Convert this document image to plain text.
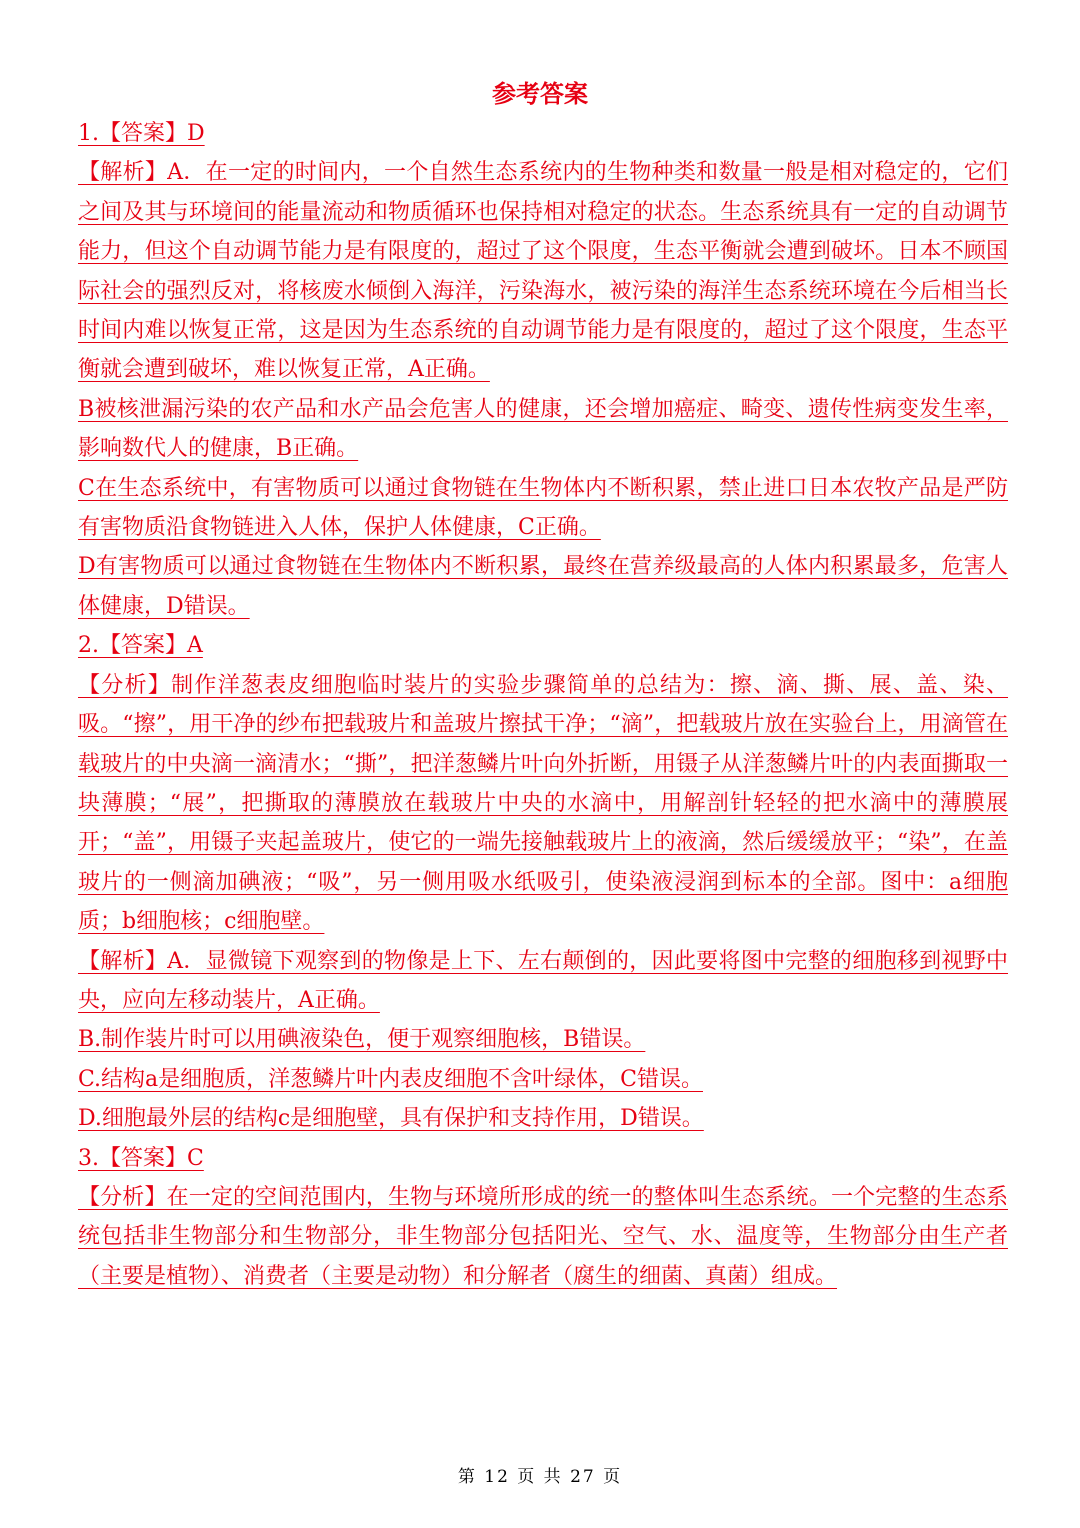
参考答案

1.【答案】D

【解析】A．在一定的时间内，一个自然生态系统内的生物种类和数量一般是相对稳定的，它们之间及其与环境间的能量流动和物质循环也保持相对稳定的状态。生态系统具有一定的自动调节能力，但这个自动调节能力是有限度的，超过了这个限度，生态平衡就会遭到破坏。日本不顾国际社会的强烈反对，将核废水倾倒入海洋，污染海水，被污染的海洋生态系统环境在今后相当长时间内难以恢复正常，这是因为生态系统的自动调节能力是有限度的，超过了这个限度，生态平衡就会遭到破坏，难以恢复正常，A正确。

B被核泄漏污染的农产品和水产品会危害人的健康，还会增加癌症、畸变、遗传性病变发生率，影响数代人的健康，B正确。

C在生态系统中，有害物质可以通过食物链在生物体内不断积累，禁止进口日本农牧产品是严防有害物质沿食物链进入人体，保护人体健康，C正确。

D有害物质可以通过食物链在生物体内不断积累，最终在营养级最高的人体内积累最多，危害人体健康，D错误。

2.【答案】A

【分析】制作洋葱表皮细胞临时装片的实验步骤简单的总结为：擦、滴、撕、展、盖、染、吸。“擦”，用干净的纱布把载玻片和盖玻片擦拭干净；“滴”，把载玻片放在实验台上，用滴管在载玻片的中央滴一滴清水；“撕”，把洋葱鳞片叶向外折断，用镊子从洋葱鳞片叶的内表面撕取一块薄膜；“展”，把撕取的薄膜放在载玻片中央的水滴中，用解剖针轻轻的把水滴中的薄膜展开；“盖”，用镊子夹起盖玻片，使它的一端先接触载玻片上的液滴，然后缓缓放平；“染”，在盖玻片的一侧滴加碘液；“吸”，另一侧用吸水纸吸引，使染液浸润到标本的全部。图中：a细胞质；b细胞核；c细胞壁。

【解析】A．显微镜下观察到的物像是上下、左右颠倒的，因此要将图中完整的细胞移到视野中央，应向左移动装片，A正确。

B.制作装片时可以用碘液染色，便于观察细胞核，B错误。

C.结构a是细胞质，洋葱鳞片叶内表皮细胞不含叶绿体，C错误。

D.细胞最外层的结构c是细胞壁，具有保护和支持作用，D错误。

3.【答案】C

【分析】在一定的空间范围内，生物与环境所形成的统一的整体叫生态系统。一个完整的生态系统包括非生物部分和生物部分，非生物部分包括阳光、空气、水、温度等，生物部分由生产者（主要是植物）、消费者（主要是动物）和分解者（腐生的细菌、真菌）组成。

第 12 页 共 27 页
